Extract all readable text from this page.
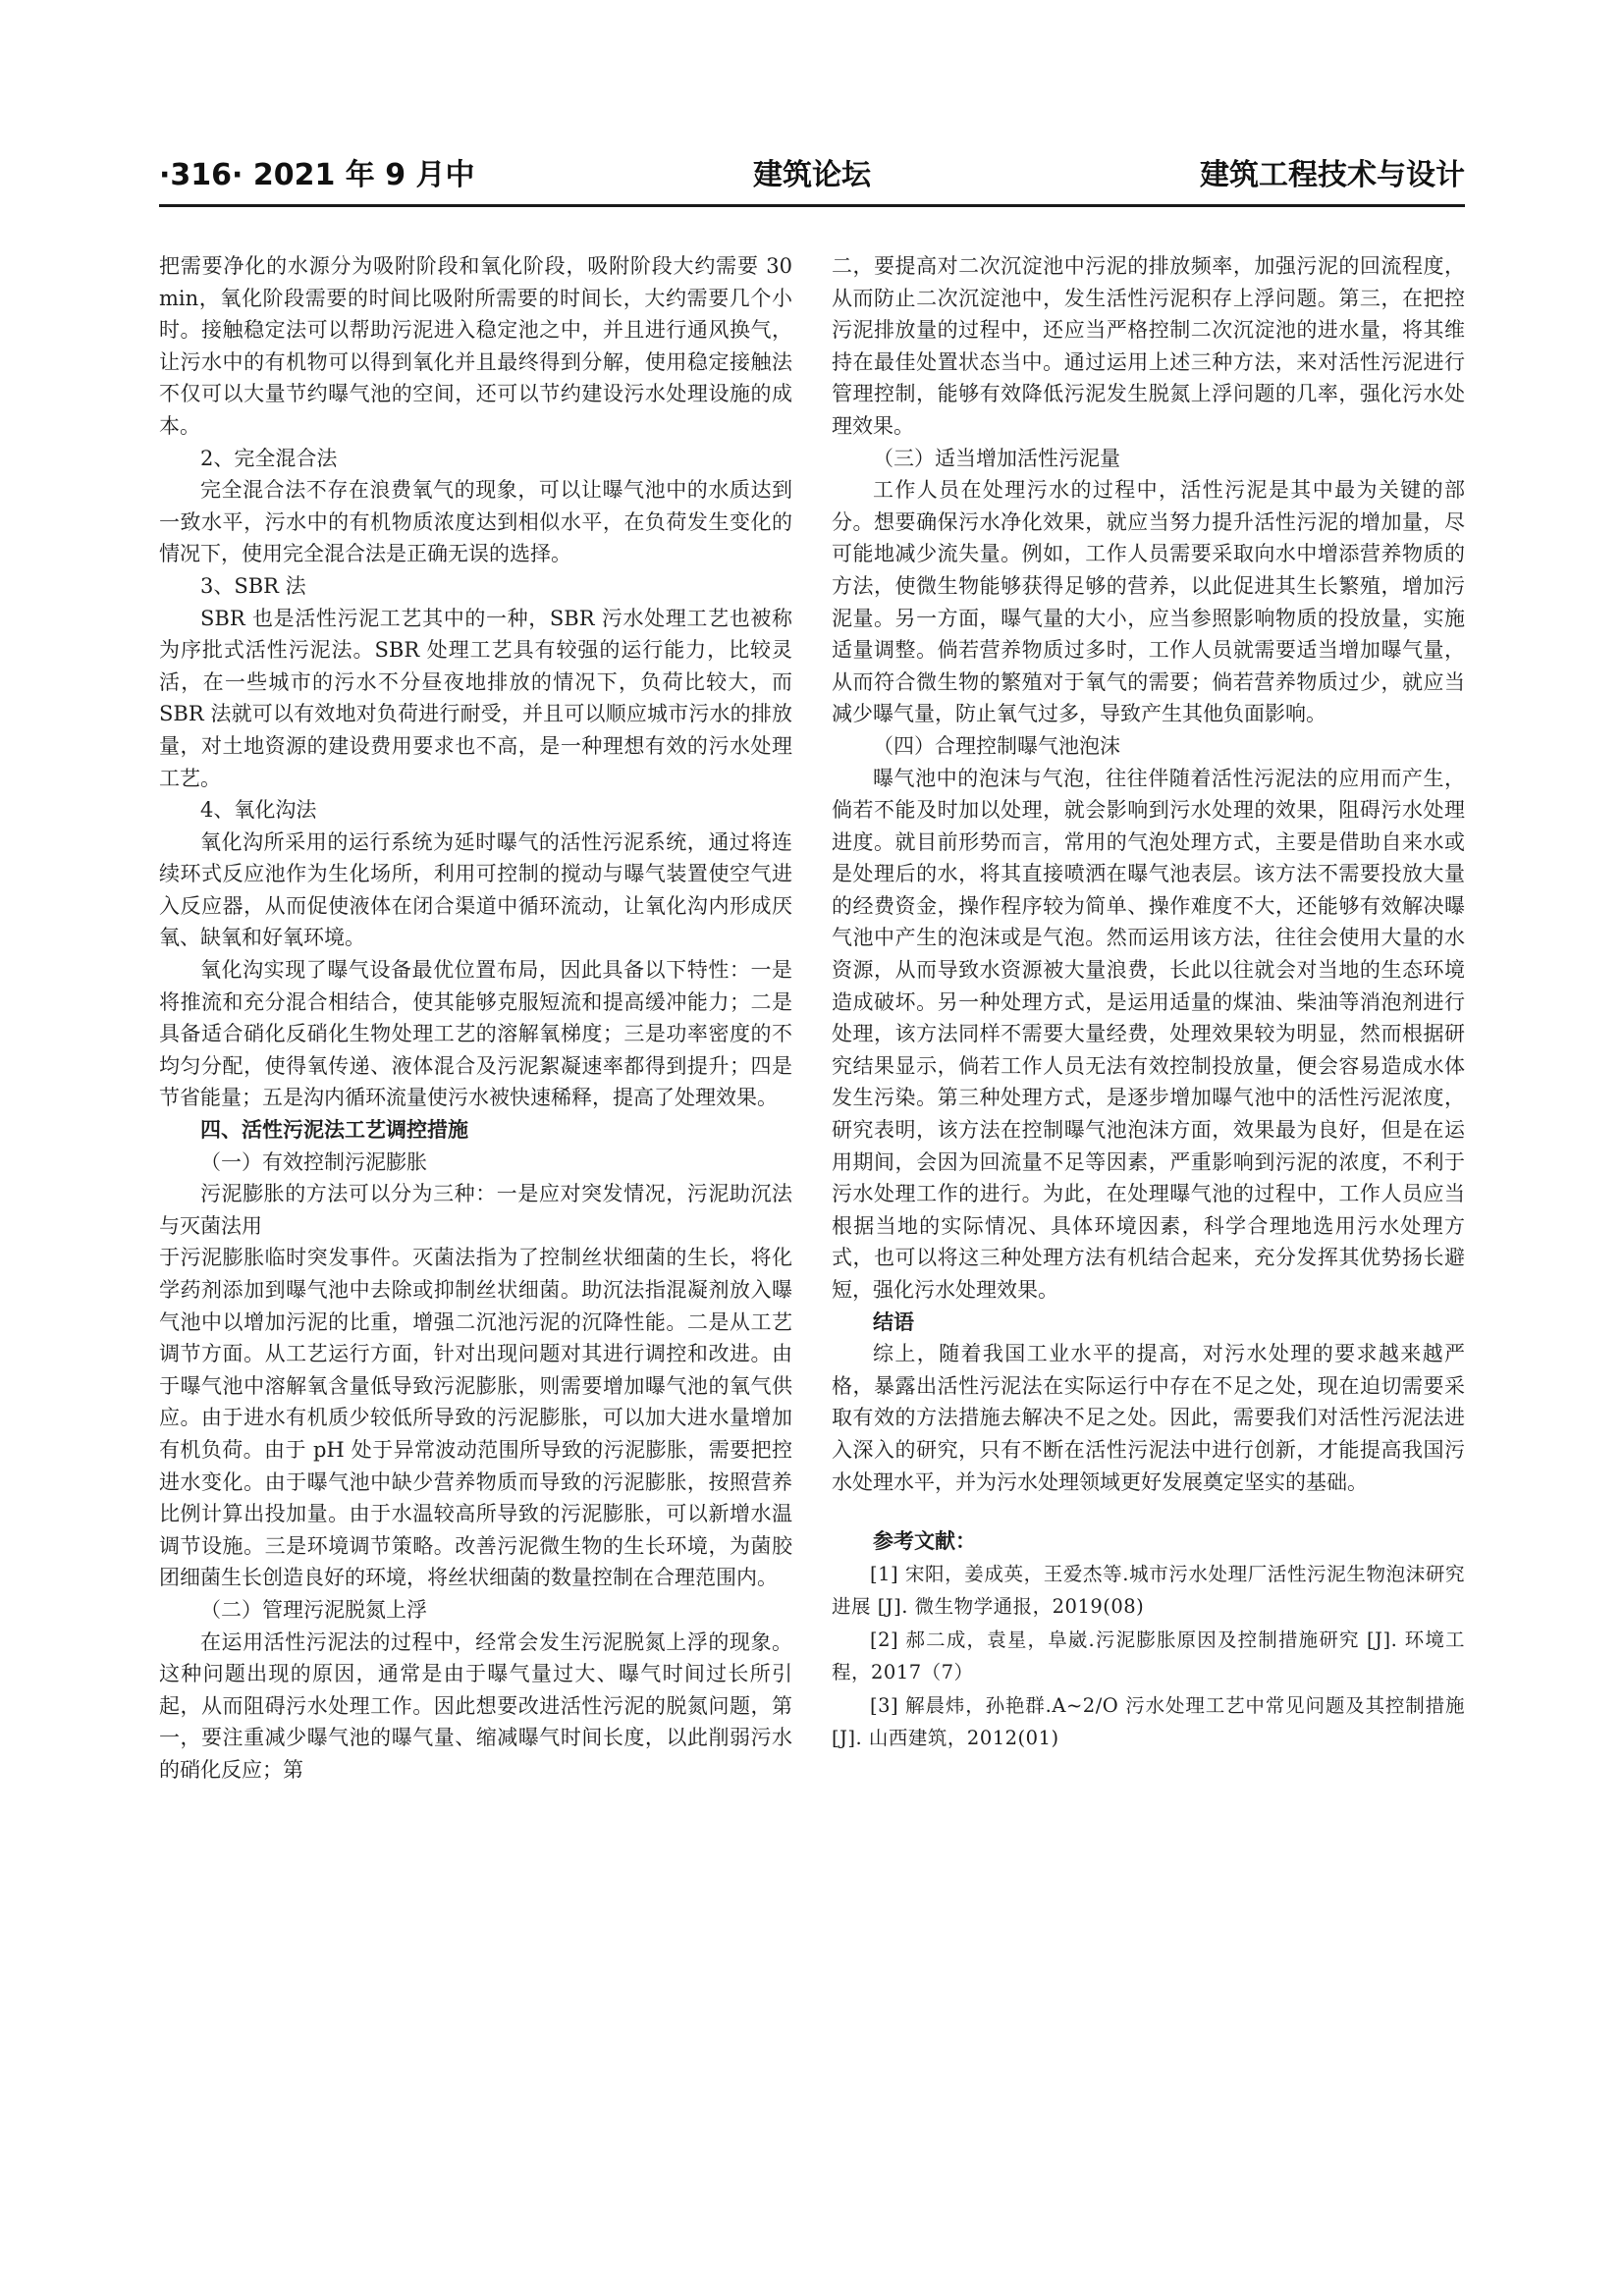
·316· 2021 年 9 月中	建筑论坛	建筑工程技术与设计

把需要净化的水源分为吸附阶段和氧化阶段，吸附阶段大约需要 30 min，氧化阶段需要的时间比吸附所需要的时间长，大约需要几个小时。接触稳定法可以帮助污泥进入稳定池之中，并且进行通风换气，让污水中的有机物可以得到氧化并且最终得到分解，使用稳定接触法不仅可以大量节约曝气池的空间，还可以节约建设污水处理设施的成本。

2、完全混合法

完全混合法不存在浪费氧气的现象，可以让曝气池中的水质达到一致水平，污水中的有机物质浓度达到相似水平，在负荷发生变化的情况下，使用完全混合法是正确无误的选择。

3、SBR 法

SBR 也是活性污泥工艺其中的一种，SBR 污水处理工艺也被称为序批式活性污泥法。SBR 处理工艺具有较强的运行能力，比较灵活，在一些城市的污水不分昼夜地排放的情况下，负荷比较大，而 SBR 法就可以有效地对负荷进行耐受，并且可以顺应城市污水的排放量，对土地资源的建设费用要求也不高，是一种理想有效的污水处理工艺。

4、氧化沟法

氧化沟所采用的运行系统为延时曝气的活性污泥系统，通过将连续环式反应池作为生化场所，利用可控制的搅动与曝气装置使空气进入反应器，从而促使液体在闭合渠道中循环流动，让氧化沟内形成厌氧、缺氧和好氧环境。

氧化沟实现了曝气设备最优位置布局，因此具备以下特性：一是将推流和充分混合相结合，使其能够克服短流和提高缓冲能力；二是具备适合硝化反硝化生物处理工艺的溶解氧梯度；三是功率密度的不均匀分配，使得氧传递、液体混合及污泥絮凝速率都得到提升；四是节省能量；五是沟内循环流量使污水被快速稀释，提高了处理效果。

四、活性污泥法工艺调控措施

（一）有效控制污泥膨胀

污泥膨胀的方法可以分为三种：一是应对突发情况，污泥助沉法与灭菌法用

于污泥膨胀临时突发事件。灭菌法指为了控制丝状细菌的生长，将化学药剂添加到曝气池中去除或抑制丝状细菌。助沉法指混凝剂放入曝气池中以增加污泥的比重，增强二沉池污泥的沉降性能。二是从工艺调节方面。从工艺运行方面，针对出现问题对其进行调控和改进。由于曝气池中溶解氧含量低导致污泥膨胀，则需要增加曝气池的氧气供应。由于进水有机质少较低所导致的污泥膨胀，可以加大进水量增加有机负荷。由于 pH 处于异常波动范围所导致的污泥膨胀，需要把控进水变化。由于曝气池中缺少营养物质而导致的污泥膨胀，按照营养比例计算出投加量。由于水温较高所导致的污泥膨胀，可以新增水温调节设施。三是环境调节策略。改善污泥微生物的生长环境，为菌胶团细菌生长创造良好的环境，将丝状细菌的数量控制在合理范围内。

（二）管理污泥脱氮上浮

在运用活性污泥法的过程中，经常会发生污泥脱氮上浮的现象。这种问题出现的原因，通常是由于曝气量过大、曝气时间过长所引起，从而阻碍污水处理工作。因此想要改进活性污泥的脱氮问题，第一，要注重减少曝气池的曝气量、缩减曝气时间长度，以此削弱污水的硝化反应；第

二，要提高对二次沉淀池中污泥的排放频率，加强污泥的回流程度，从而防止二次沉淀池中，发生活性污泥积存上浮问题。第三，在把控污泥排放量的过程中，还应当严格控制二次沉淀池的进水量，将其维持在最佳处置状态当中。通过运用上述三种方法，来对活性污泥进行管理控制，能够有效降低污泥发生脱氮上浮问题的几率，强化污水处理效果。

（三）适当增加活性污泥量

工作人员在处理污水的过程中，活性污泥是其中最为关键的部分。想要确保污水净化效果，就应当努力提升活性污泥的增加量，尽可能地减少流失量。例如，工作人员需要采取向水中增添营养物质的方法，使微生物能够获得足够的营养，以此促进其生长繁殖，增加污泥量。另一方面，曝气量的大小，应当参照影响物质的投放量，实施适量调整。倘若营养物质过多时，工作人员就需要适当增加曝气量，从而符合微生物的繁殖对于氧气的需要；倘若营养物质过少，就应当减少曝气量，防止氧气过多，导致产生其他负面影响。

（四）合理控制曝气池泡沫

曝气池中的泡沫与气泡，往往伴随着活性污泥法的应用而产生，倘若不能及时加以处理，就会影响到污水处理的效果，阻碍污水处理进度。就目前形势而言，常用的气泡处理方式，主要是借助自来水或是处理后的水，将其直接喷洒在曝气池表层。该方法不需要投放大量的经费资金，操作程序较为简单、操作难度不大，还能够有效解决曝气池中产生的泡沫或是气泡。然而运用该方法，往往会使用大量的水资源，从而导致水资源被大量浪费，长此以往就会对当地的生态环境造成破坏。另一种处理方式，是运用适量的煤油、柴油等消泡剂进行处理，该方法同样不需要大量经费，处理效果较为明显，然而根据研究结果显示，倘若工作人员无法有效控制投放量，便会容易造成水体发生污染。第三种处理方式，是逐步增加曝气池中的活性污泥浓度，研究表明，该方法在控制曝气池泡沫方面，效果最为良好，但是在运用期间，会因为回流量不足等因素，严重影响到污泥的浓度，不利于污水处理工作的进行。为此，在处理曝气池的过程中，工作人员应当根据当地的实际情况、具体环境因素，科学合理地选用污水处理方式，也可以将这三种处理方法有机结合起来，充分发挥其优势扬长避短，强化污水处理效果。

结语

综上，随着我国工业水平的提高，对污水处理的要求越来越严格，暴露出活性污泥法在实际运行中存在不足之处，现在迫切需要采取有效的方法措施去解决不足之处。因此，需要我们对活性污泥法进入深入的研究，只有不断在活性污泥法中进行创新，才能提高我国污水处理水平，并为污水处理领域更好发展奠定坚实的基础。

参考文献：

[1] 宋阳，姜成英，王爱杰等.城市污水处理厂活性污泥生物泡沫研究进展 [J]. 微生物学通报，2019(08)

[2] 郝二成，袁星，阜崴.污泥膨胀原因及控制措施研究 [J]. 环境工程，2017（7）

[3] 解晨炜，孙艳群.A~2/O 污水处理工艺中常见问题及其控制措施 [J]. 山西建筑，2012(01)
